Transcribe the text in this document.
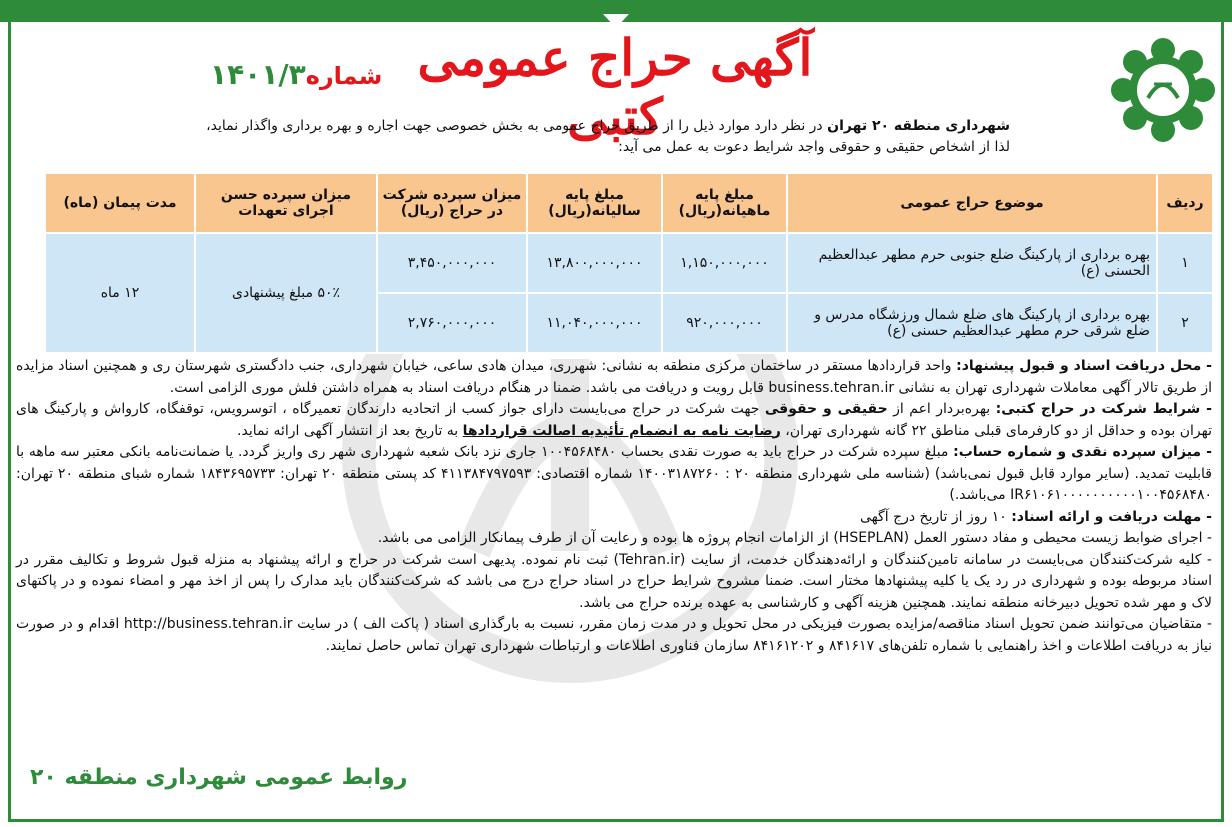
آگهی حراج عمومی کتبی
شماره۱۴۰۱/۳
شهرداری منطقه ۲۰ تهران در نظر دارد موارد ذیل را از طریق حراج عمومی به بخش خصوصی جهت اجاره و بهره برداری واگذار نماید،
لذا از اشخاص حقیقی و حقوقی واجد شرایط دعوت به عمل می آید:
ردیف	موضوع حراج عمومی	مبلغ پایه ماهیانه(ریال)	مبلغ پایه سالیانه(ریال)	میزان سپرده شرکت در حراج (ریال)	میزان سپرده حسن اجرای تعهدات	مدت پیمان (ماه)
۱	بهره برداری از پارکینگ ضلع جنوبی حرم مطهر عبدالعظیم الحسنی (ع)	۱,۱۵۰,۰۰۰,۰۰۰	۱۳,۸۰۰,۰۰۰,۰۰۰	۳,۴۵۰,۰۰۰,۰۰۰	۵۰٪ مبلغ پیشنهادی	۱۲ ماه
۲	بهره برداری از پارکینگ های ضلع شمال ورزشگاه مدرس و ضلع شرقی حرم مطهر عبدالعظیم حسنی (ع)	۹۲۰,۰۰۰,۰۰۰	۱۱,۰۴۰,۰۰۰,۰۰۰	۲,۷۶۰,۰۰۰,۰۰۰		

- محل دریافت اسناد و قبول پیشنهاد: واحد قراردادها مستقر در ساختمان مرکزی منطقه به نشانی: شهرری، میدان هادی ساعی، خیابان شهرداری، جنب دادگستری شهرستان ری و همچنین اسناد مزایده از طریق تالار آگهی معاملات شهرداری تهران به نشانی business.tehran.ir قابل رویت و دریافت می باشد. ضمنا در هنگام دریافت اسناد به همراه داشتن فلش موری الزامی است.

- شرایط شرکت در حراج کتبی: بهره‌بردار اعم از حقیقی و حقوقی جهت شرکت در حراج می‌بایست دارای جواز کسب از اتحادیه دارندگان تعمیرگاه ، اتوسرویس، توقفگاه، کارواش و پارکینگ های تهران بوده و حداقل از دو کارفرمای قبلی مناطق ۲۲ گانه شهرداری تهران، رضایت نامه به انضمام تأئیدیه اصالت قراردادها به تاریخ بعد از انتشار آگهی ارائه نماید.

- میزان سپرده نقدی و شماره حساب: مبلغ سپرده شرکت در حراج باید به صورت نقدی بحساب ۱۰۰۴۵۶۸۴۸۰ جاری نزد بانک شعبه شهرداری شهر ری واریز گردد. یا ضمانت‌نامه بانکی معتبر سه ماهه با قابلیت تمدید. (سایر موارد قابل قبول نمی‌باشد) (شناسه ملی شهرداری منطقه ۲۰ : ۱۴۰۰۳۱۸۷۲۶۰ شماره اقتصادی: ۴۱۱۳۸۴۷۹۷۵۹۳ کد پستی منطقه ۲۰ تهران: ۱۸۴۳۶۹۵۷۳۳ شماره شبای منطقه ۲۰ تهران: IR۶۱۰۶۱۰۰۰۰۰۰۰۰۰۰۱۰۰۴۵۶۸۴۸۰ می‌باشد.)

- مهلت دریافت و ارائه اسناد: ۱۰ روز از تاریخ درج آگهی

- اجرای ضوابط زیست محیطی و مفاد دستور العمل (HSEPLAN) از الزامات انجام پروژه ها بوده و رعایت آن از طرف پیمانکار الزامی می باشد.

- کلیه شرکت‌کنندگان می‌بایست در سامانه تامین‌کنندگان و ارائه‌دهندگان خدمت، از سایت (Tehran.ir) ثبت نام نموده. پدیهی است شرکت در حراج و ارائه پیشنهاد به منزله قبول شروط و تکالیف مقرر در اسناد مربوطه بوده و شهرداری در رد یک یا کلیه پیشنهادها مختار است. ضمنا مشروح شرایط حراج در اسناد حراج درج می باشد که شرکت‌کنندگان باید مدارک را پس از اخذ مهر و امضاء نموده و در پاکتهای لاک و مهر شده تحویل دبیرخانه منطقه نمایند. همچنین هزینه آگهی و کارشناسی به عهده برنده حراج می باشد.

- متقاضیان می‌توانند ضمن تحویل اسناد مناقصه/مزایده بصورت فیزیکی در محل تحویل و در مدت زمان مقرر، نسبت به بارگذاری اسناد ( پاکت الف ) در سایت http://business.tehran.ir اقدام و در صورت نیاز به دریافت اطلاعات و اخذ راهنمایی با شماره تلفن‌های ۸۴۱۶۱۷ و ۸۴۱۶۱۲۰۲ سازمان فناوری اطلاعات و ارتباطات شهرداری تهران تماس حاصل نمایند.

روابط عمومی شهرداری منطقه ۲۰
